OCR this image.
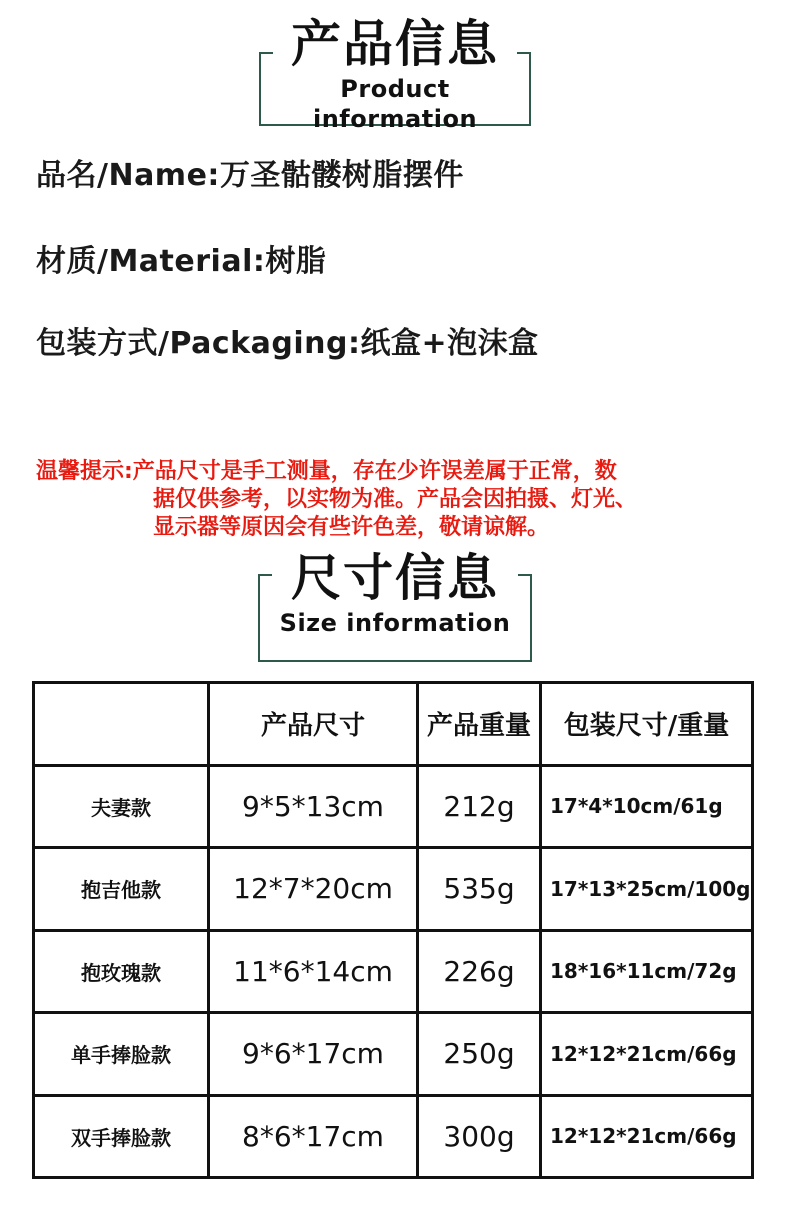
产品信息
Product information
品名/Name:万圣骷髅树脂摆件
材质/Material:树脂
包装方式/Packaging:纸盒+泡沫盒
温馨提示:产品尺寸是手工测量，存在少许误差属于正常，数
据仅供参考，以实物为准。产品会因拍摄、灯光、
显示器等原因会有些许色差，敬请谅解。
尺寸信息
Size information
	产品尺寸	产品重量	包装尺寸/重量
夫妻款	9*5*13cm	212g	17*4*10cm/61g
抱吉他款	12*7*20cm	535g	17*13*25cm/100g
抱玫瑰款	11*6*14cm	226g	18*16*11cm/72g
单手捧脸款	9*6*17cm	250g	12*12*21cm/66g
双手捧脸款	8*6*17cm	300g	12*12*21cm/66g
